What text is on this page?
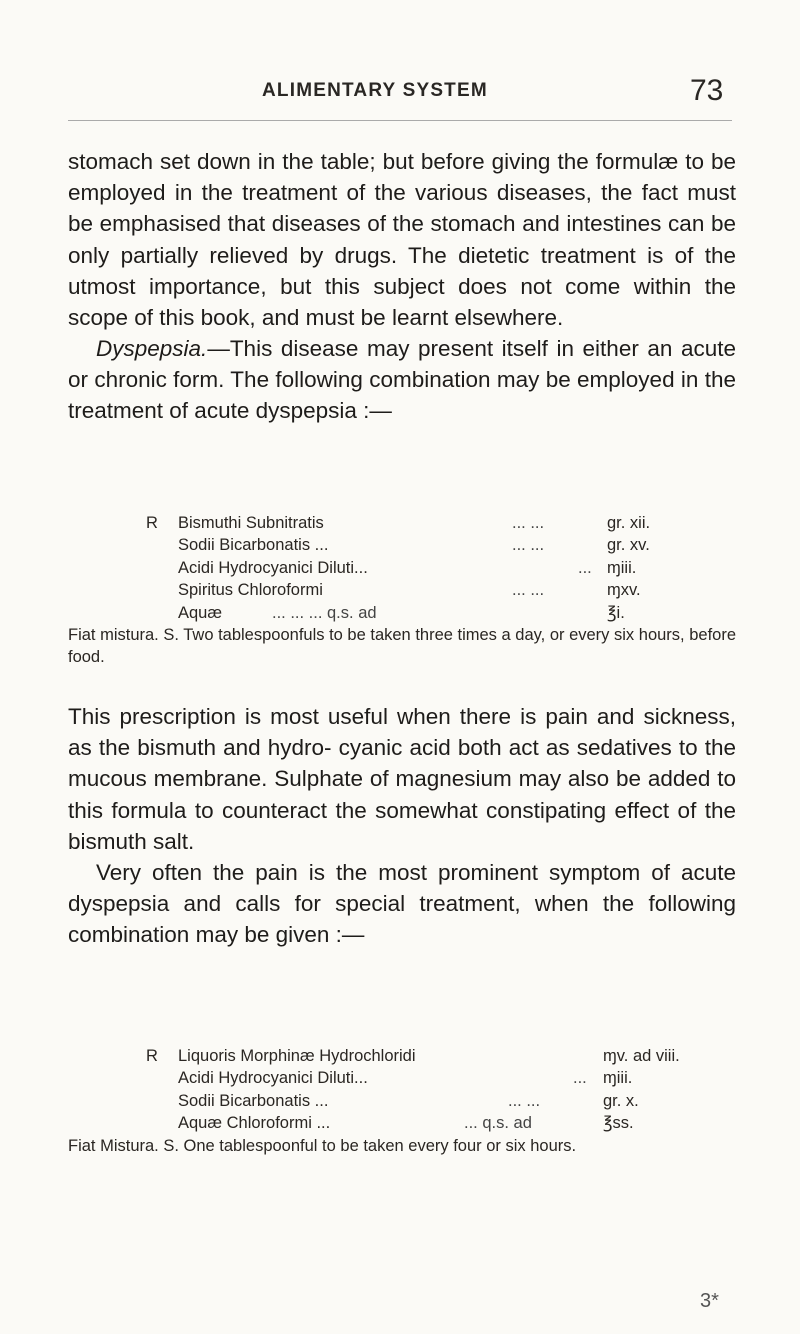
ALIMENTARY SYSTEM	73

stomach set down in the table; but before giving the formulæ to be employed in the treatment of the various diseases, the fact must be emphasised that diseases of the stomach and intestines can be only partially relieved by drugs. The dietetic treatment is of the utmost importance, but this subject does not come within the scope of this book, and must be learnt elsewhere.

Dyspepsia.—This disease may present itself in either an acute or chronic form. The following combination may be employed in the treatment of acute dyspepsia :—

R Bismuthi Subnitratis	... ...	gr. xii.
Sodii Bicarbonatis ...	... ...	gr. xv.
Acidi Hydrocyanici Diluti...	... ɱiii.
Spiritus Chloroformi	... ...	ɱxv.
Aquæ	... ... ... q.s. ad	℥i.

Fiat mistura. S. Two tablespoonfuls to be taken three times a day, or every six hours, before food.

This prescription is most useful when there is pain and sickness, as the bismuth and hydro- cyanic acid both act as sedatives to the mucous membrane. Sulphate of magnesium may also be added to this formula to counteract the somewhat constipating effect of the bismuth salt.

Very often the pain is the most prominent symptom of acute dyspepsia and calls for special treatment, when the following combination may be given :—

R Liquoris Morphinæ Hydrochloridi	ɱv. ad viii.
Acidi Hydrocyanici Diluti...	... ɱiii.
Sodii Bicarbonatis ...	... ...	gr. x.
Aquæ Chloroformi ...	... q.s. ad	℥ss.

Fiat Mistura. S. One tablespoonful to be taken every four or six hours.

3*
